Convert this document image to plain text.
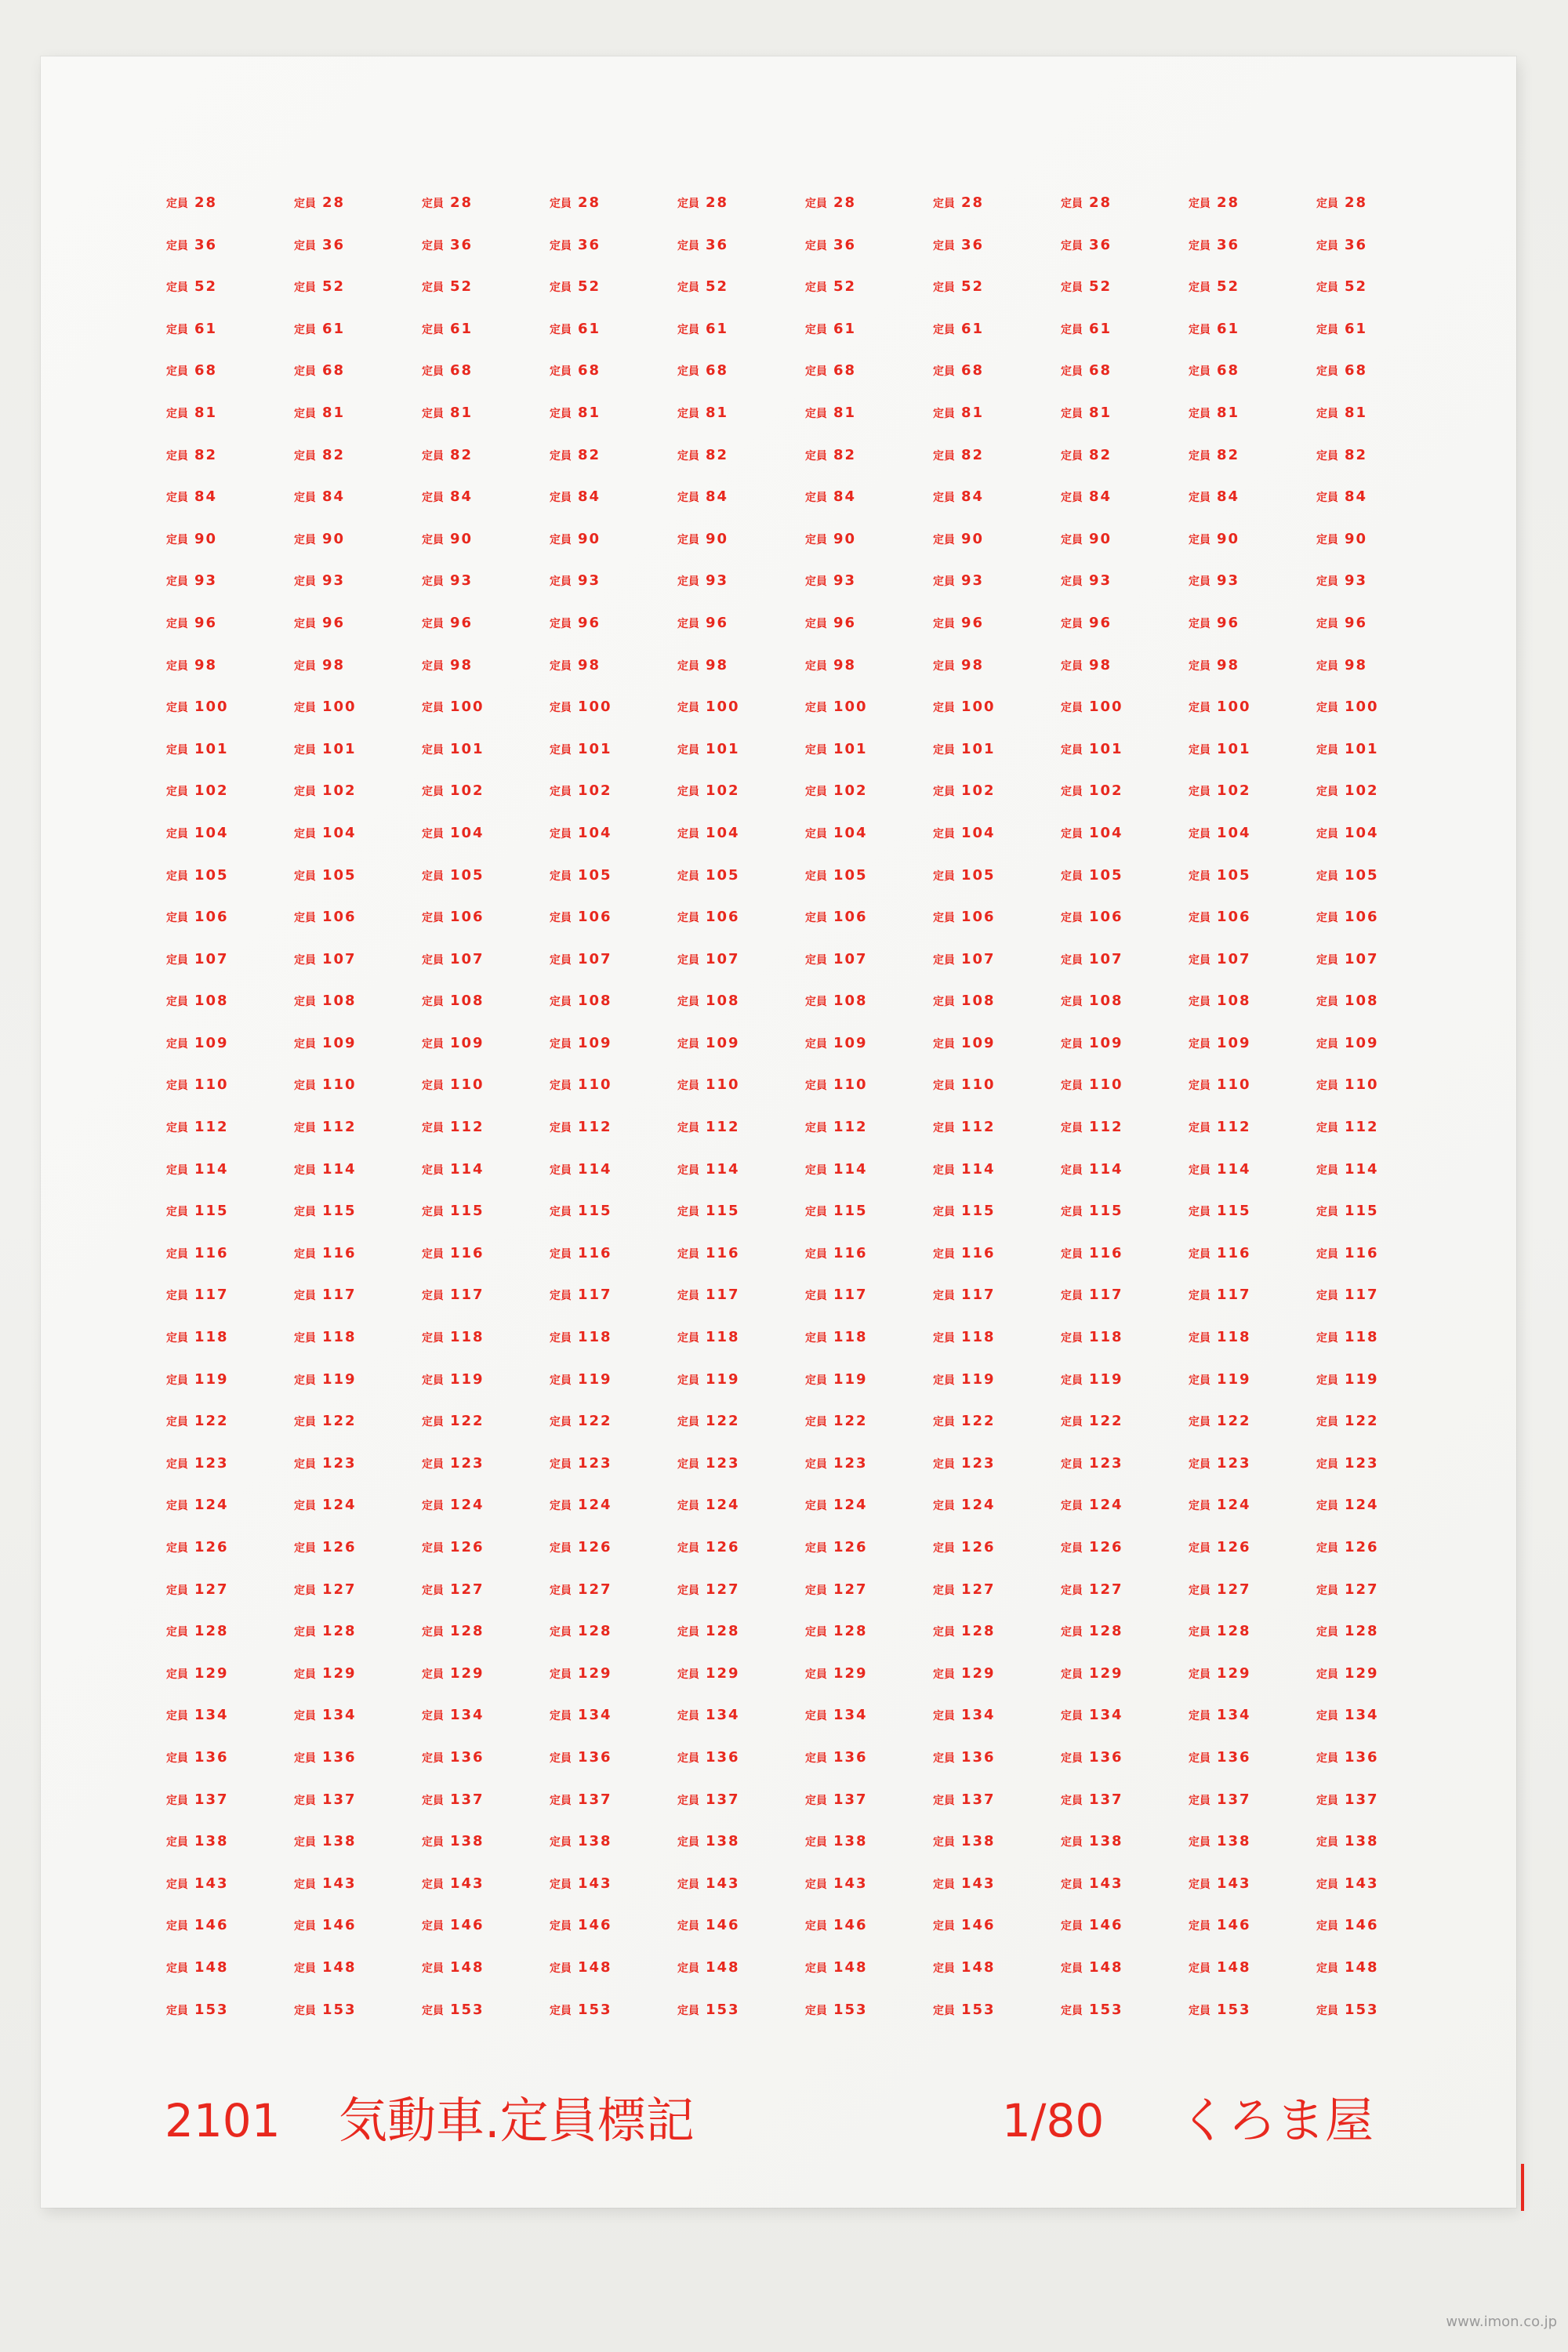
定員 28
定員 36
定員 52
定員 61
定員 68
定員 81
定員 82
定員 84
定員 90
定員 93
定員 96
定員 98
定員 100
定員 101
定員 102
定員 104
定員 105
定員 106
定員 107
定員 108
定員 109
定員 110
定員 112
定員 114
定員 115
定員 116
定員 117
定員 118
定員 119
定員 122
定員 123
定員 124
定員 126
定員 127
定員 128
定員 129
定員 134
定員 136
定員 137
定員 138
定員 143
定員 146
定員 148
定員 153
定員 28
定員 36
定員 52
定員 61
定員 68
定員 81
定員 82
定員 84
定員 90
定員 93
定員 96
定員 98
定員 100
定員 101
定員 102
定員 104
定員 105
定員 106
定員 107
定員 108
定員 109
定員 110
定員 112
定員 114
定員 115
定員 116
定員 117
定員 118
定員 119
定員 122
定員 123
定員 124
定員 126
定員 127
定員 128
定員 129
定員 134
定員 136
定員 137
定員 138
定員 143
定員 146
定員 148
定員 153
定員 28
定員 36
定員 52
定員 61
定員 68
定員 81
定員 82
定員 84
定員 90
定員 93
定員 96
定員 98
定員 100
定員 101
定員 102
定員 104
定員 105
定員 106
定員 107
定員 108
定員 109
定員 110
定員 112
定員 114
定員 115
定員 116
定員 117
定員 118
定員 119
定員 122
定員 123
定員 124
定員 126
定員 127
定員 128
定員 129
定員 134
定員 136
定員 137
定員 138
定員 143
定員 146
定員 148
定員 153
定員 28
定員 36
定員 52
定員 61
定員 68
定員 81
定員 82
定員 84
定員 90
定員 93
定員 96
定員 98
定員 100
定員 101
定員 102
定員 104
定員 105
定員 106
定員 107
定員 108
定員 109
定員 110
定員 112
定員 114
定員 115
定員 116
定員 117
定員 118
定員 119
定員 122
定員 123
定員 124
定員 126
定員 127
定員 128
定員 129
定員 134
定員 136
定員 137
定員 138
定員 143
定員 146
定員 148
定員 153
定員 28
定員 36
定員 52
定員 61
定員 68
定員 81
定員 82
定員 84
定員 90
定員 93
定員 96
定員 98
定員 100
定員 101
定員 102
定員 104
定員 105
定員 106
定員 107
定員 108
定員 109
定員 110
定員 112
定員 114
定員 115
定員 116
定員 117
定員 118
定員 119
定員 122
定員 123
定員 124
定員 126
定員 127
定員 128
定員 129
定員 134
定員 136
定員 137
定員 138
定員 143
定員 146
定員 148
定員 153
定員 28
定員 36
定員 52
定員 61
定員 68
定員 81
定員 82
定員 84
定員 90
定員 93
定員 96
定員 98
定員 100
定員 101
定員 102
定員 104
定員 105
定員 106
定員 107
定員 108
定員 109
定員 110
定員 112
定員 114
定員 115
定員 116
定員 117
定員 118
定員 119
定員 122
定員 123
定員 124
定員 126
定員 127
定員 128
定員 129
定員 134
定員 136
定員 137
定員 138
定員 143
定員 146
定員 148
定員 153
定員 28
定員 36
定員 52
定員 61
定員 68
定員 81
定員 82
定員 84
定員 90
定員 93
定員 96
定員 98
定員 100
定員 101
定員 102
定員 104
定員 105
定員 106
定員 107
定員 108
定員 109
定員 110
定員 112
定員 114
定員 115
定員 116
定員 117
定員 118
定員 119
定員 122
定員 123
定員 124
定員 126
定員 127
定員 128
定員 129
定員 134
定員 136
定員 137
定員 138
定員 143
定員 146
定員 148
定員 153
定員 28
定員 36
定員 52
定員 61
定員 68
定員 81
定員 82
定員 84
定員 90
定員 93
定員 96
定員 98
定員 100
定員 101
定員 102
定員 104
定員 105
定員 106
定員 107
定員 108
定員 109
定員 110
定員 112
定員 114
定員 115
定員 116
定員 117
定員 118
定員 119
定員 122
定員 123
定員 124
定員 126
定員 127
定員 128
定員 129
定員 134
定員 136
定員 137
定員 138
定員 143
定員 146
定員 148
定員 153
定員 28
定員 36
定員 52
定員 61
定員 68
定員 81
定員 82
定員 84
定員 90
定員 93
定員 96
定員 98
定員 100
定員 101
定員 102
定員 104
定員 105
定員 106
定員 107
定員 108
定員 109
定員 110
定員 112
定員 114
定員 115
定員 116
定員 117
定員 118
定員 119
定員 122
定員 123
定員 124
定員 126
定員 127
定員 128
定員 129
定員 134
定員 136
定員 137
定員 138
定員 143
定員 146
定員 148
定員 153
定員 28
定員 36
定員 52
定員 61
定員 68
定員 81
定員 82
定員 84
定員 90
定員 93
定員 96
定員 98
定員 100
定員 101
定員 102
定員 104
定員 105
定員 106
定員 107
定員 108
定員 109
定員 110
定員 112
定員 114
定員 115
定員 116
定員 117
定員 118
定員 119
定員 122
定員 123
定員 124
定員 126
定員 127
定員 128
定員 129
定員 134
定員 136
定員 137
定員 138
定員 143
定員 146
定員 148
定員 153
2101 気動車.定員標記	1/80 くろま屋
www.imon.co.jp
